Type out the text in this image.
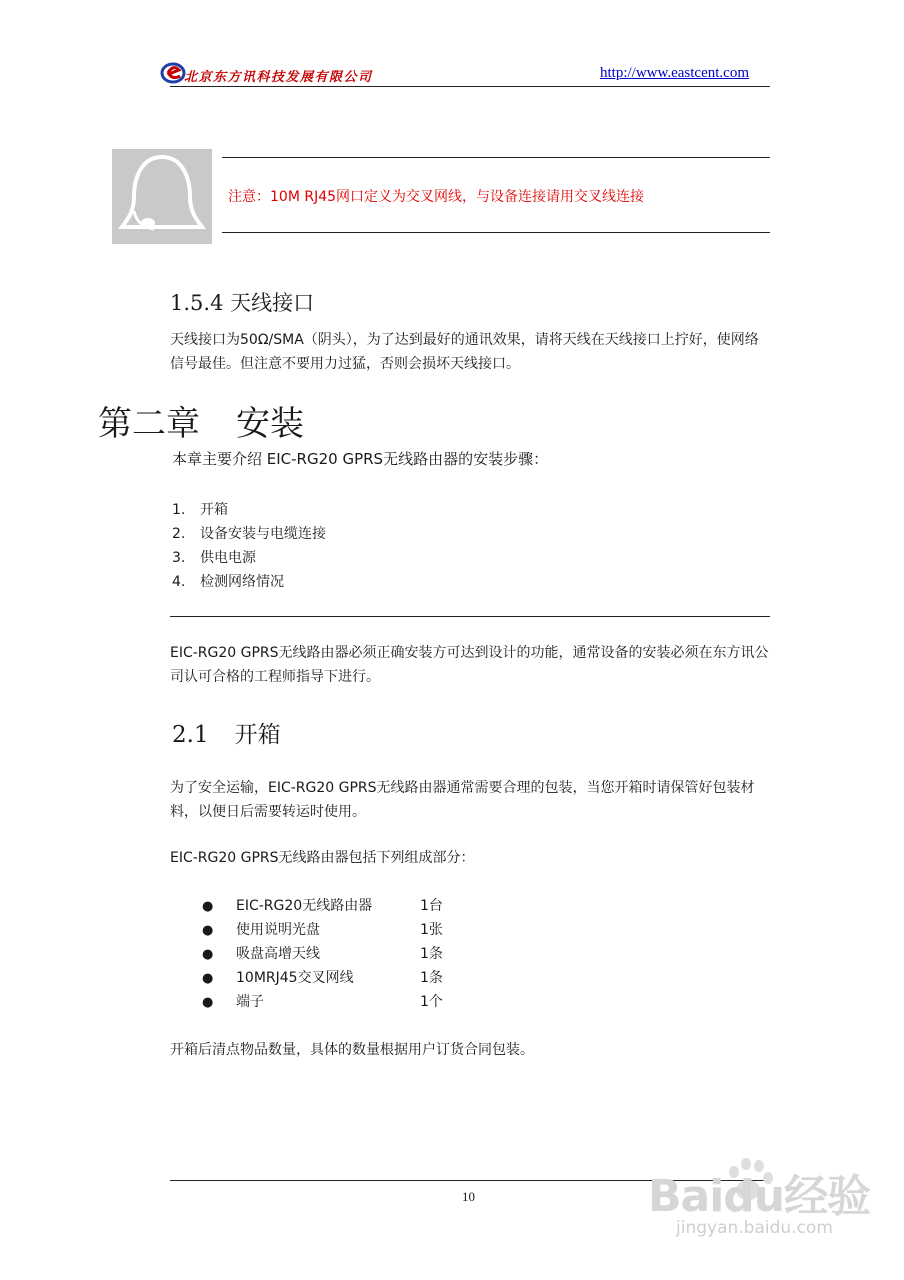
北京东方讯科技发展有限公司	http://www.eastcent.com
注意：10M RJ45网口定义为交叉网线，与设备连接请用交叉线连接
1.5.4 天线接口
天线接口为50Ω/SMA（阴头），为了达到最好的通讯效果，请将天线在天线接口上拧好，使网络信号最佳。但注意不要用力过猛，否则会损坏天线接口。
第二章 安装
本章主要介绍 EIC-RG20 GPRS无线路由器的安装步骤：
1. 开箱
2. 设备安装与电缆连接
3. 供电电源
4. 检测网络情况
EIC-RG20 GPRS无线路由器必须正确安装方可达到设计的功能，通常设备的安装必须在东方讯公司认可合格的工程师指导下进行。
2.1 开箱
为了安全运输，EIC-RG20 GPRS无线路由器通常需要合理的包装，当您开箱时请保管好包装材料，以便日后需要转运时使用。
EIC-RG20 GPRS无线路由器包括下列组成部分：
● EIC-RG20无线路由器	1台
● 使用说明光盘	1张
● 吸盘高增天线	1条
● 10MRJ45交叉网线	1条
● 端子	1个
开箱后清点物品数量，具体的数量根据用户订货合同包装。
10	Baidu经验
jingyan.baidu.com
